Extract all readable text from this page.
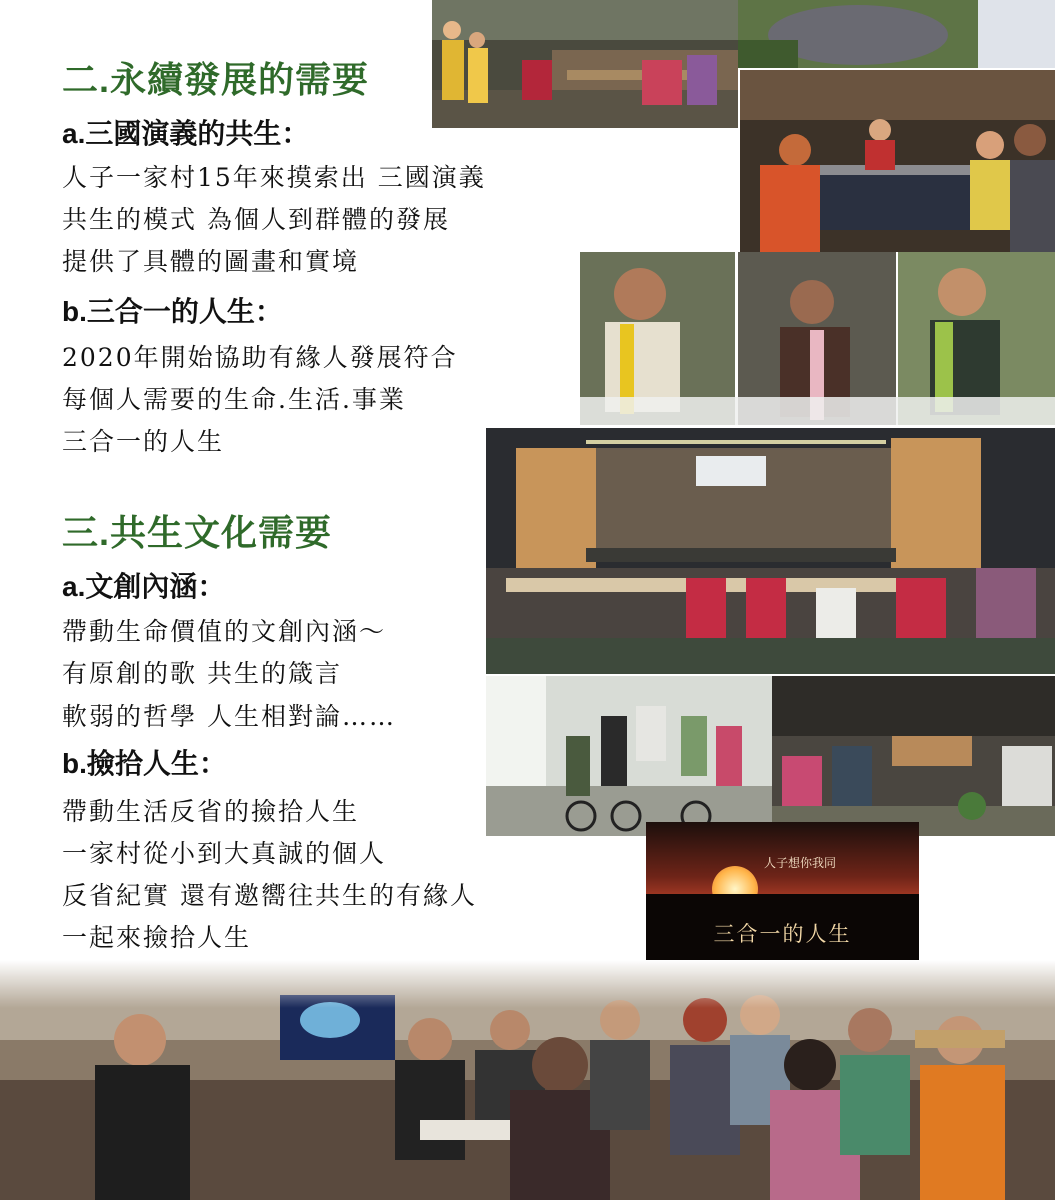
二.永續發展的需要
a.三國演義的共生：
人子一家村15年來摸索出 三國演義
共生的模式 為個人到群體的發展
提供了具體的圖畫和實境
b.三合一的人生：
2020年開始協助有緣人發展符合
每個人需要的生命.生活.事業
三合一的人生
三.共生文化需要
a.文創內涵：
帶動生命價值的文創內涵～
有原創的歌 共生的箴言
軟弱的哲學 人生相對論……
b.撿拾人生：
帶動生活反省的撿拾人生
一家村從小到大真誠的個人
反省紀實 還有邀嚮往共生的有緣人
一起來撿拾人生
人子想你我同
三合一的人生
